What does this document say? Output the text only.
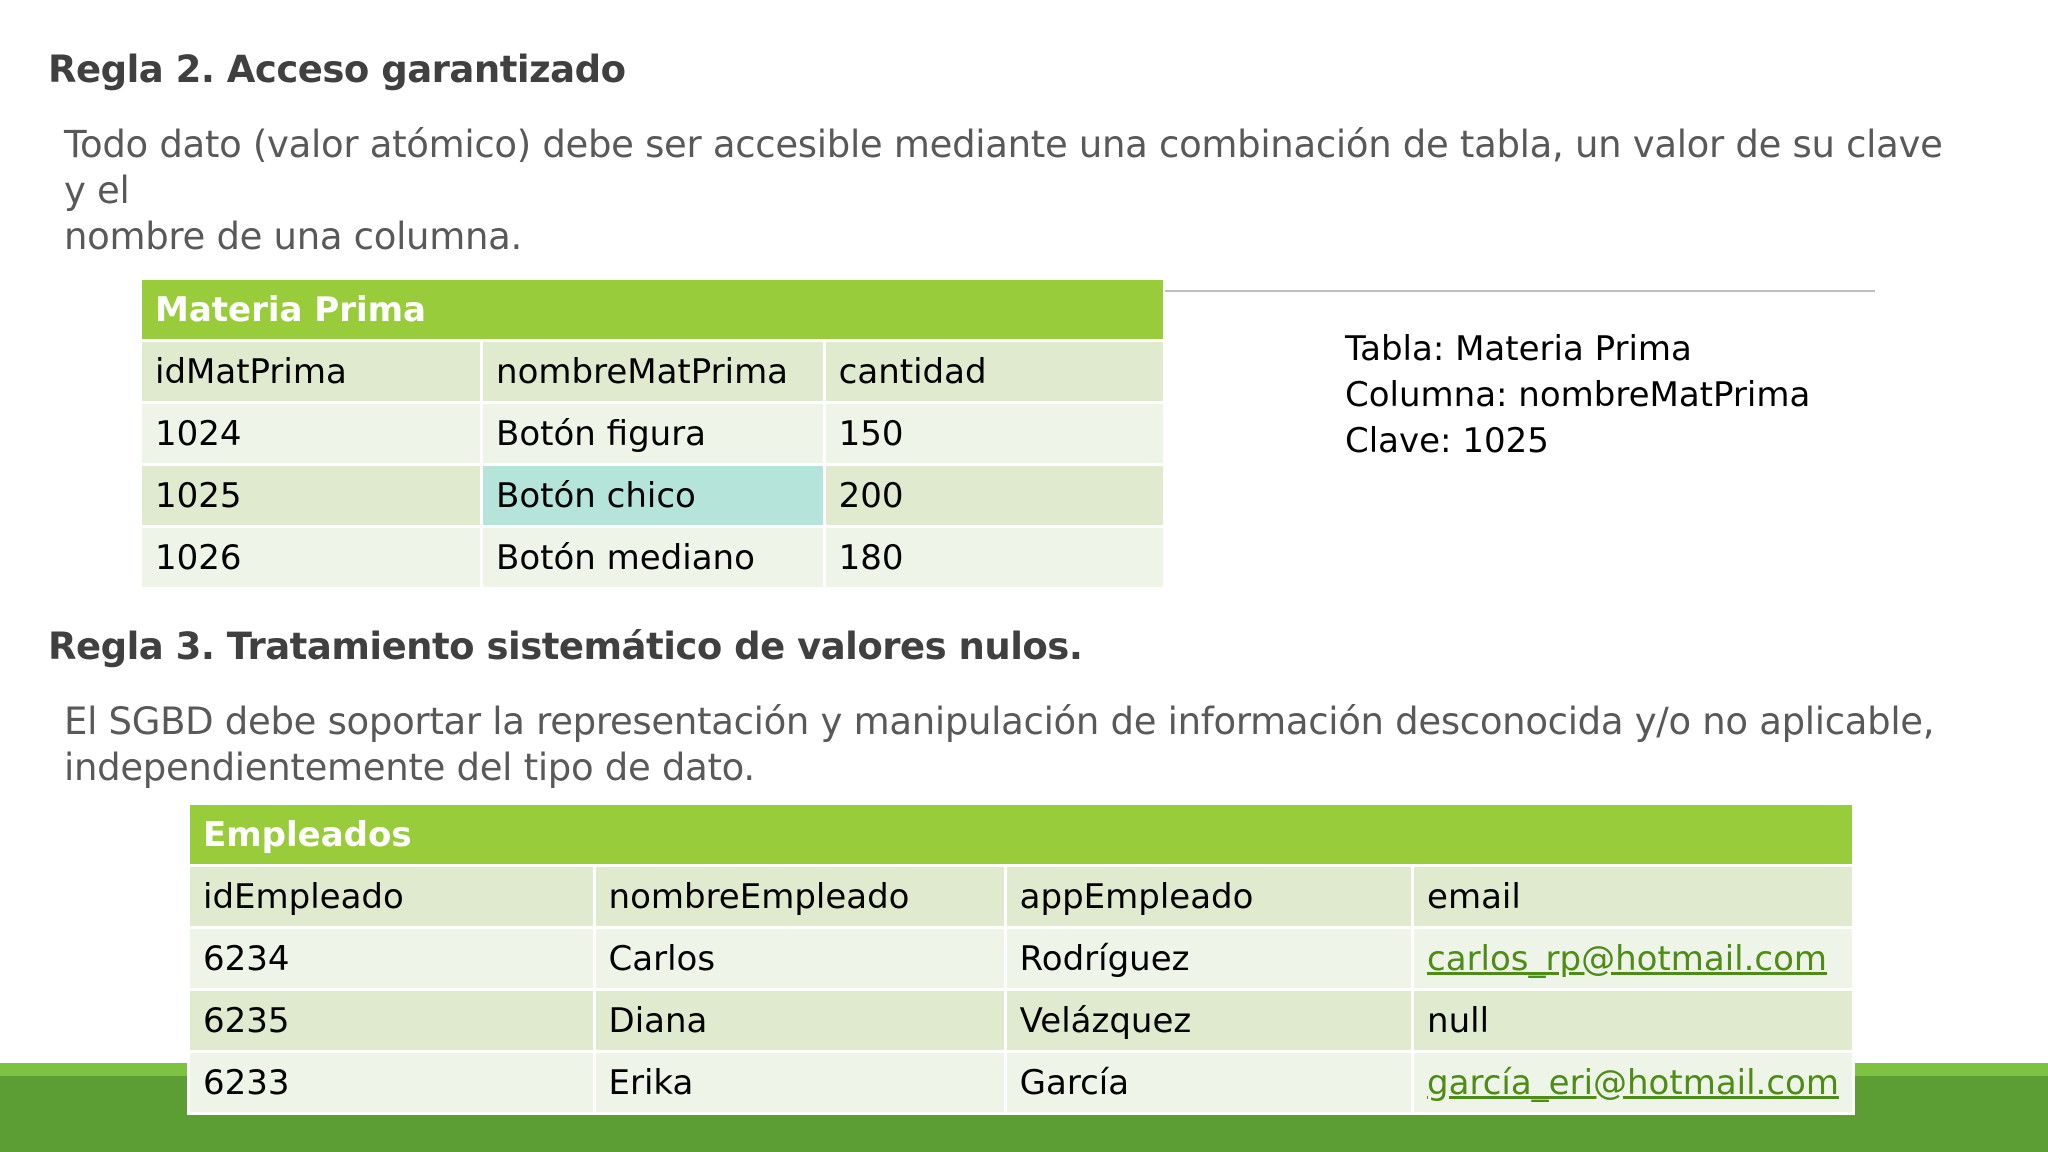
Regla 2. Acceso garantizado

Todo dato (valor atómico) debe ser accesible mediante una combinación de tabla, un valor de su clave y el
nombre de una columna.

Materia Prima		
idMatPrima	nombreMatPrima	cantidad
1024	Botón figura	150
1025	Botón chico	200
1026	Botón mediano	180

Tabla: Materia Prima
Columna: nombreMatPrima
Clave: 1025

Regla 3. Tratamiento sistemático de valores nulos.

El SGBD debe soportar la representación y manipulación de información desconocida y/o no aplicable,
independientemente del tipo de dato.

Empleados			
idEmpleado	nombreEmpleado	appEmpleado	email
6234	Carlos	Rodríguez	carlos_rp@hotmail.com
6235	Diana	Velázquez	null
6233	Erika	García	garcía_eri@hotmail.com
